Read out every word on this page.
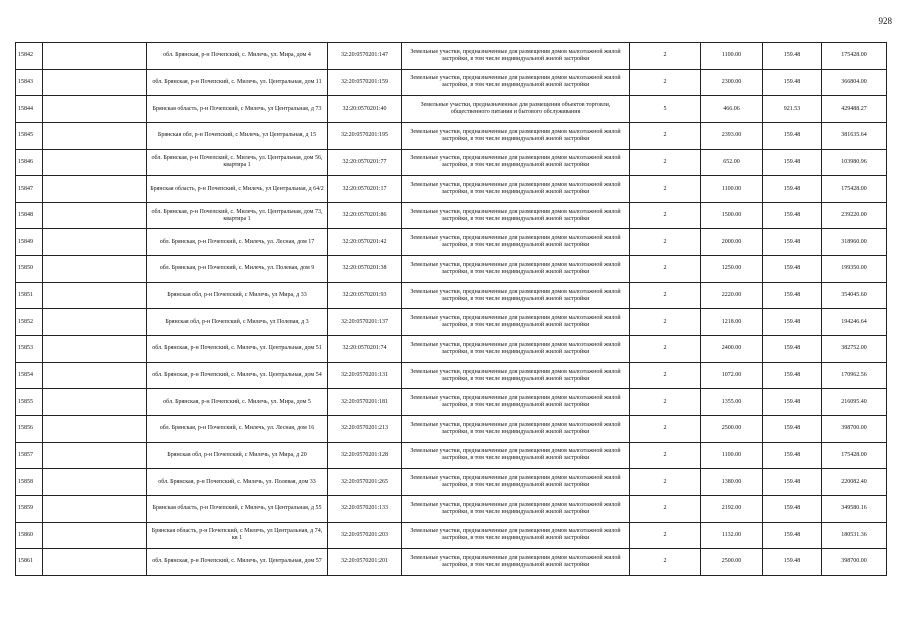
928
15842		обл. Брянская, р-н Почепский, с. Милечь, ул. Мира, дом 4	32:20:0570201:147	Земельные участки, предназначенные для размещения домов малоэтажной жилой застройки, в том числе индивидуальной жилой застройки	2	1100.00	159.48	175428.00
15843		обл. Брянская, р-н Почепский, с. Милечь, ул. Центральная, дом 11	32:20:0570201:159	Земельные участки, предназначенные для размещения домов малоэтажной жилой застройки, в том числе индивидуальной жилой застройки	2	2300.00	159.48	366804.00
15844		Брянская область, р-н Почепский, с Милечь, ул Центральная, д 73	32:20:0570201:40	Земельные участки, предназначенные для размещения объектов торговли, общественного питания и бытового обслуживания	5	466.06	921.53	429488.27
15845		Брянская обл, р-н Почепский, с Милечь, ул Центральная, д 15	32:20:0570201:195	Земельные участки, предназначенные для размещения домов малоэтажной жилой застройки, в том числе индивидуальной жилой застройки	2	2393.00	159.48	381635.64
15846		обл. Брянская, р-н Почепский, с. Милечь, ул. Центральная, дом 56, квартира 1	32:20:0570201:77	Земельные участки, предназначенные для размещения домов малоэтажной жилой застройки, в том числе индивидуальной жилой застройки	2	652.00	159.48	103980.96
15847		Брянская область, р-н Почепский, с Милечь, ул Центральная, д 64/2	32:20:0570201:17	Земельные участки, предназначенные для размещения домов малоэтажной жилой застройки, в том числе индивидуальной жилой застройки	2	1100.00	159.48	175428.00
15848		обл. Брянская, р-н Почепский, с. Милечь, ул. Центральная, дом 73, квартира 1	32:20:0570201:86	Земельные участки, предназначенные для размещения домов малоэтажной жилой застройки, в том числе индивидуальной жилой застройки	2	1500.00	159.48	239220.00
15849		обл. Брянская, р-н Почепский, с. Милечь, ул. Лесная, дом 17	32:20:0570201:42	Земельные участки, предназначенные для размещения домов малоэтажной жилой застройки, в том числе индивидуальной жилой застройки	2	2000.00	159.48	318960.00
15850		обл. Брянская, р-н Почепский, с. Милечь, ул. Полевая, дом 9	32:20:0570201:38	Земельные участки, предназначенные для размещения домов малоэтажной жилой застройки, в том числе индивидуальной жилой застройки	2	1250.00	159.48	199350.00
15851		Брянская обл, р-н Почепский, с Милечь, ул Мира, д 33	32:20:0570201:93	Земельные участки, предназначенные для размещения домов малоэтажной жилой застройки, в том числе индивидуальной жилой застройки	2	2220.00	159.48	354045.60
15852		Брянская обл, р-н Почепский, с Милечь, ул Полевая, д 3	32:20:0570201:137	Земельные участки, предназначенные для размещения домов малоэтажной жилой застройки, в том числе индивидуальной жилой застройки	2	1218.00	159.48	194246.64
15853		обл. Брянская, р-н Почепский, с. Милечь, ул. Центральная, дом 51	32:20:0570201:74	Земельные участки, предназначенные для размещения домов малоэтажной жилой застройки, в том числе индивидуальной жилой застройки	2	2400.00	159.48	382752.00
15854		обл. Брянская, р-н Почепский, с. Милечь, ул. Центральная, дом 54	32:20:0570201:131	Земельные участки, предназначенные для размещения домов малоэтажной жилой застройки, в том числе индивидуальной жилой застройки	2	1072.00	159.48	170962.56
15855		обл. Брянская, р-н Почепский, с. Милечь, ул. Мира, дом 5	32:20:0570201:181	Земельные участки, предназначенные для размещения домов малоэтажной жилой застройки, в том числе индивидуальной жилой застройки	2	1355.00	159.48	216095.40
15856		обл. Брянская, р-н Почепский, с. Милечь, ул. Лесная, дом 16	32:20:0570201:213	Земельные участки, предназначенные для размещения домов малоэтажной жилой застройки, в том числе индивидуальной жилой застройки	2	2500.00	159.48	398700.00
15857		Брянская обл, р-н Почепский, с Милечь, ул Мира, д 20	32:20:0570201:128	Земельные участки, предназначенные для размещения домов малоэтажной жилой застройки, в том числе индивидуальной жилой застройки	2	1100.00	159.48	175428.00
15858		обл. Брянская, р-н Почепский, с. Милечь, ул. Полевая, дом 33	32:20:0570201:265	Земельные участки, предназначенные для размещения домов малоэтажной жилой застройки, в том числе индивидуальной жилой застройки	2	1380.00	159.48	220082.40
15859		Брянская область, р-н Почепский, с Милечь, ул Центральная, д 55	32:20:0570201:133	Земельные участки, предназначенные для размещения домов малоэтажной жилой застройки, в том числе индивидуальной жилой застройки	2	2192.00	159.48	349580.16
15860		Брянская область, р-н Почепский, с Милечь, ул Центральная, д 74, кв 1	32:20:0570201:203	Земельные участки, предназначенные для размещения домов малоэтажной жилой застройки, в том числе индивидуальной жилой застройки	2	1132.00	159.48	180531.36
15861		обл. Брянская, р-н Почепский, с. Милечь, ул. Центральная, дом 57	32:20:0570201:201	Земельные участки, предназначенные для размещения домов малоэтажной жилой застройки, в том числе индивидуальной жилой застройки	2	2500.00	159.48	398700.00
